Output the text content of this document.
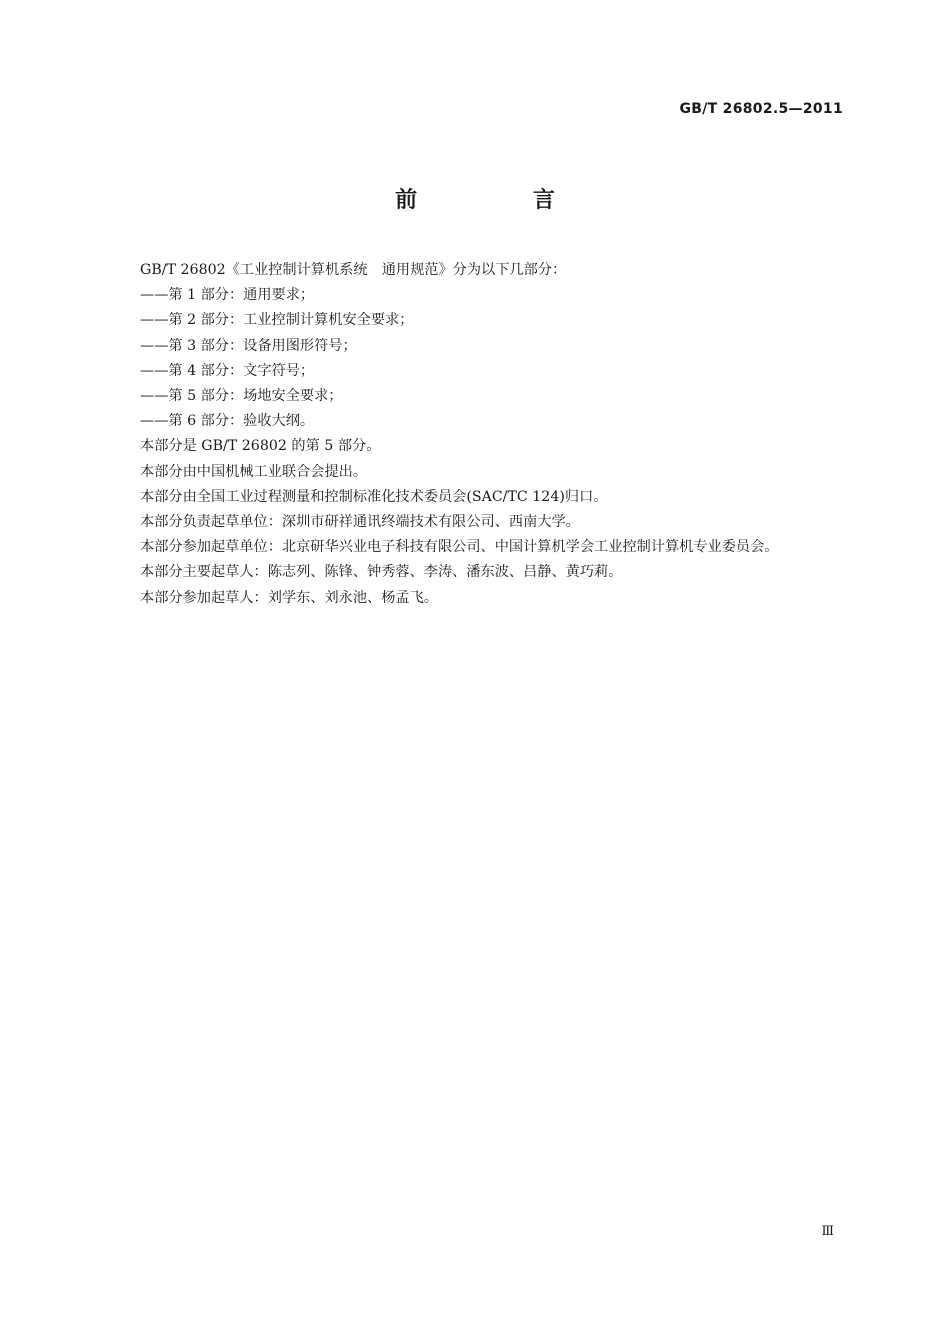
GB/T 26802.5—2011
前 言

GB/T 26802《工业控制计算机系统　通用规范》分为以下几部分：

——第 1 部分：通用要求；

——第 2 部分：工业控制计算机安全要求；

——第 3 部分：设备用图形符号；

——第 4 部分：文字符号；

——第 5 部分：场地安全要求；

——第 6 部分：验收大纲。

本部分是 GB/T 26802 的第 5 部分。

本部分由中国机械工业联合会提出。

本部分由全国工业过程测量和控制标准化技术委员会(SAC/TC 124)归口。

本部分负责起草单位：深圳市研祥通讯终端技术有限公司、西南大学。

本部分参加起草单位：北京研华兴业电子科技有限公司、中国计算机学会工业控制计算机专业委员会。

本部分主要起草人：陈志列、陈锋、钟秀蓉、李涛、潘东波、吕静、黄巧莉。

本部分参加起草人：刘学东、刘永池、杨孟飞。

Ⅲ
